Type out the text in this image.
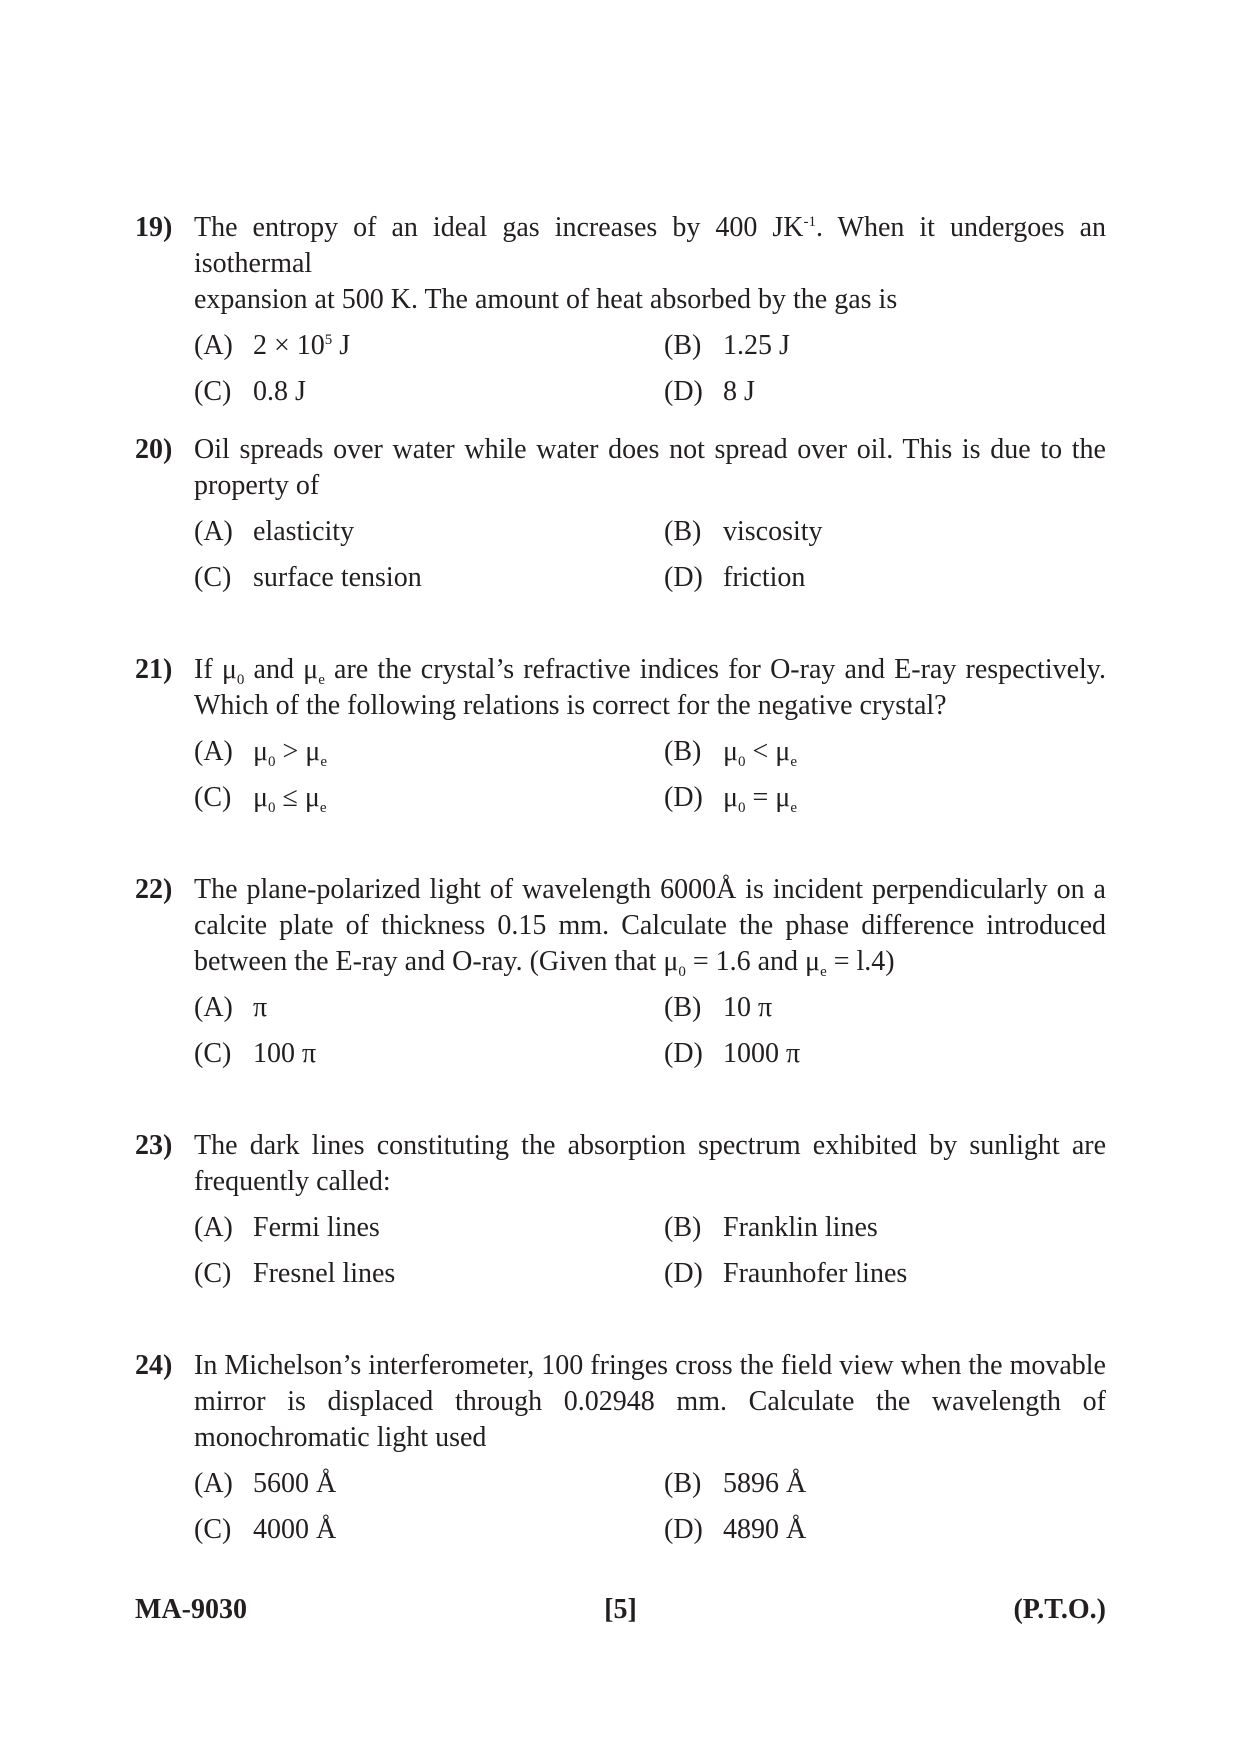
19) The entropy of an ideal gas increases by 400 $JK^{-1}$. When it undergoes an isothermal
expansion at 500 K. The amount of heat absorbed by the gas is
(A) $2 \times 10^5$ J	(B) 1.25 J
(C) 0.8 J	(D) 8 J
20) Oil spreads over water while water does not spread over oil. This is due to the
property of
(A) elasticity	(B) viscosity
(C) surface tension	(D) friction
21) If $\mu_0$ and $\mu_e$ are the crystal’s refractive indices for O-ray and E-ray respectively.
Which of the following relations is correct for the negative crystal?
(A) $\mu_0 > \mu_e$	(B) $\mu_0 < \mu_e$
(C) $\mu_0 \le \mu_e$	(D) $\mu_0 = \mu_e$
22) The plane-polarized light of wavelength 6000Å is incident perpendicularly on a
calcite plate of thickness 0.15 mm. Calculate the phase difference introduced
between the E-ray and O-ray. (Given that $\mu_0 = 1.6$ and $\mu_e = l.4$)
(A) π	(B) 10 π
(C) 100 π	(D) 1000 π
23) The dark lines constituting the absorption spectrum exhibited by sunlight are
frequently called:
(A) Fermi lines	(B) Franklin lines
(C) Fresnel lines	(D) Fraunhofer lines
24) In Michelson’s interferometer, 100 fringes cross the field view when the movable
mirror is displaced through 0.02948 mm. Calculate the wavelength of
monochromatic light used
(A) 5600 Å	(B) 5896 Å
(C) 4000 Å	(D) 4890 Å
MA-9030	[5]	(P.T.O.)
